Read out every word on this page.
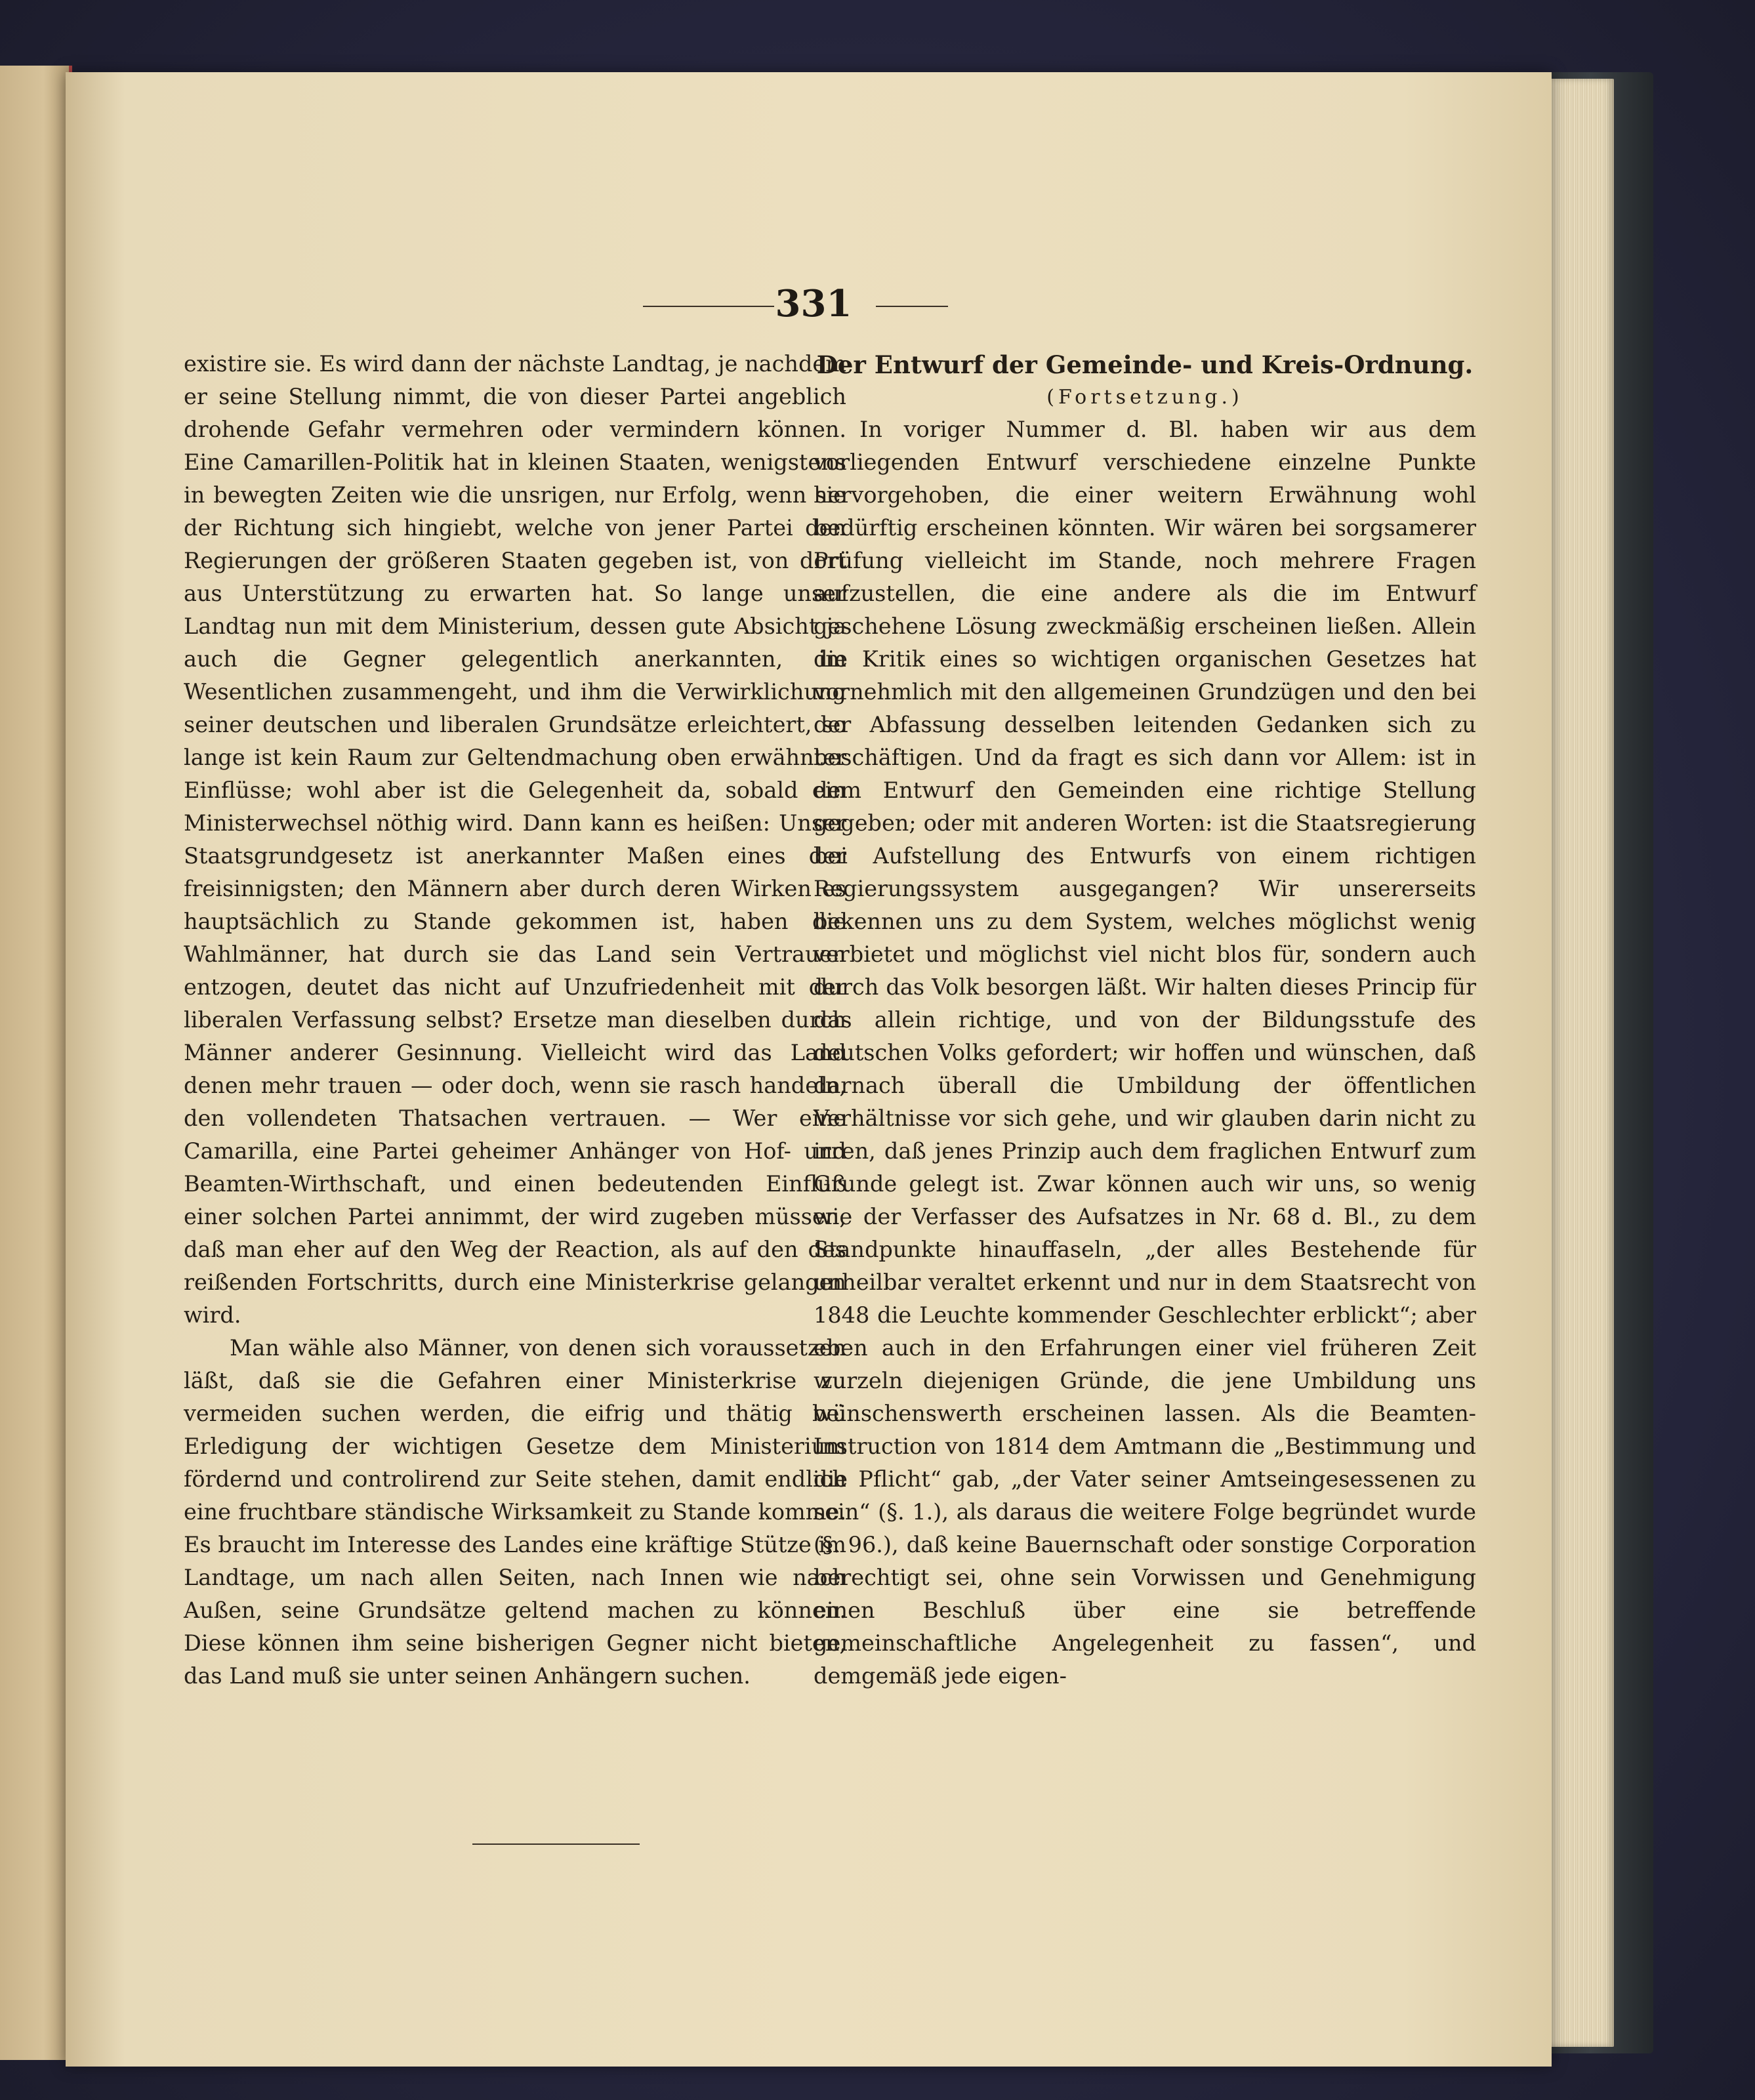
331

existire sie. Es wird dann der nächste Landtag, je nachdem er seine Stellung nimmt, die von dieser Partei angeblich drohende Gefahr vermehren oder vermindern können. Eine Camarillen-Politik hat in kleinen Staaten, wenigstens in bewegten Zeiten wie die unsrigen, nur Erfolg, wenn sie der Richtung sich hingiebt, welche von jener Partei den Regierungen der größeren Staaten gegeben ist, von dort aus Unterstützung zu erwarten hat. So lange unser Landtag nun mit dem Ministerium, dessen gute Absicht ja auch die Gegner gelegentlich anerkannten, im Wesentlichen zusammengeht, und ihm die Verwirklichung seiner deutschen und liberalen Grundsätze erleichtert, so lange ist kein Raum zur Geltendmachung oben erwähnter Einflüsse; wohl aber ist die Gelegenheit da, sobald ein Ministerwechsel nöthig wird. Dann kann es heißen: Unser Staatsgrundgesetz ist anerkannter Maßen eines der freisinnigsten; den Männern aber durch deren Wirken es hauptsächlich zu Stande gekommen ist, haben die Wahlmänner, hat durch sie das Land sein Vertrauen entzogen, deutet das nicht auf Unzufriedenheit mit der liberalen Verfassung selbst? Ersetze man dieselben durch Männer anderer Gesinnung. Vielleicht wird das Land denen mehr trauen — oder doch, wenn sie rasch handeln, den vollendeten Thatsachen vertrauen. — Wer eine Camarilla, eine Partei geheimer Anhänger von Hof- und Beamten-Wirthschaft, und einen bedeutenden Einfluß einer solchen Partei annimmt, der wird zugeben müssen, daß man eher auf den Weg der Reaction, als auf den des reißenden Fortschritts, durch eine Ministerkrise gelangen wird.

Man wähle also Männer, von denen sich voraussetzen läßt, daß sie die Gefahren einer Ministerkrise zu vermeiden suchen werden, die eifrig und thätig bei Erledigung der wichtigen Gesetze dem Ministerium fördernd und controlirend zur Seite stehen, damit endlich eine fruchtbare ständische Wirksamkeit zu Stande komme. Es braucht im Interesse des Landes eine kräftige Stütze im Landtage, um nach allen Seiten, nach Innen wie nach Außen, seine Grundsätze geltend machen zu können. Diese können ihm seine bisherigen Gegner nicht bieten, das Land muß sie unter seinen Anhängern suchen.

Der Entwurf der Gemeinde- und Kreis-Ordnung.

(Fortsetzung.)

In voriger Nummer d. Bl. haben wir aus dem vorliegenden Entwurf verschiedene einzelne Punkte hervorgehoben, die einer weitern Erwähnung wohl bedürftig erscheinen könnten. Wir wären bei sorgsamerer Prüfung vielleicht im Stande, noch mehrere Fragen aufzustellen, die eine andere als die im Entwurf geschehene Lösung zweckmäßig erscheinen ließen. Allein die Kritik eines so wichtigen organischen Gesetzes hat vornehmlich mit den allgemeinen Grundzügen und den bei der Abfassung desselben leitenden Gedanken sich zu beschäftigen. Und da fragt es sich dann vor Allem: ist in dem Entwurf den Gemeinden eine richtige Stellung gegeben; oder mit anderen Worten: ist die Staatsregierung bei Aufstellung des Entwurfs von einem richtigen Regierungssystem ausgegangen? Wir unsererseits bekennen uns zu dem System, welches möglichst wenig verbietet und möglichst viel nicht blos für, sondern auch durch das Volk besorgen läßt. Wir halten dieses Princip für das allein richtige, und von der Bildungsstufe des deutschen Volks gefordert; wir hoffen und wünschen, daß darnach überall die Umbildung der öffentlichen Verhältnisse vor sich gehe, und wir glauben darin nicht zu irren, daß jenes Prinzip auch dem fraglichen Entwurf zum Grunde gelegt ist. Zwar können auch wir uns, so wenig wie der Verfasser des Aufsatzes in Nr. 68 d. Bl., zu dem Standpunkte hinauffaseln, „der alles Bestehende für unheilbar veraltet erkennt und nur in dem Staatsrecht von 1848 die Leuchte kommender Geschlechter erblickt“; aber eben auch in den Erfahrungen einer viel früheren Zeit wurzeln diejenigen Gründe, die jene Umbildung uns wünschenswerth erscheinen lassen. Als die Beamten-Instruction von 1814 dem Amtmann die „Bestimmung und die Pflicht“ gab, „der Vater seiner Amtseingesessenen zu sein“ (§. 1.), als daraus die weitere Folge begründet wurde (§. 96.), daß keine Bauernschaft oder sonstige Corporation berechtigt sei, ohne sein Vorwissen und Genehmigung einen Beschluß über eine sie betreffende gemeinschaftliche Angelegenheit zu fassen“, und demgemäß jede eigen-
